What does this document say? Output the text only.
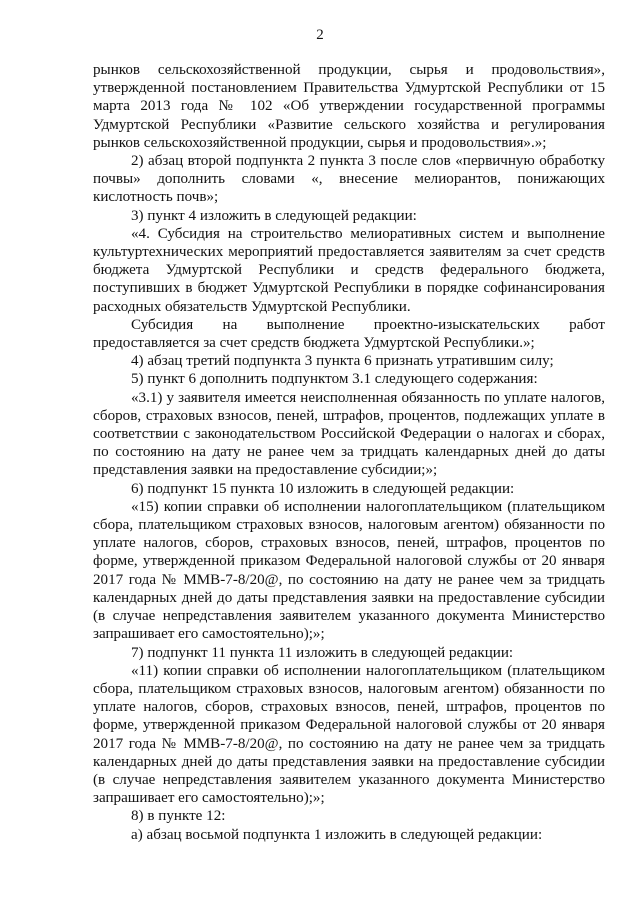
2

рынков сельскохозяйственной продукции, сырья и продовольствия», утвержденной постановлением Правительства Удмуртской Республики от 15 марта 2013 года № 102 «Об утверждении государственной программы Удмуртской Республики «Развитие сельского хозяйства и регулирования рынков сельскохозяйственной продукции, сырья и продовольствия».»;

2) абзац второй подпункта 2 пункта 3 после слов «первичную обработку почвы» дополнить словами «, внесение мелиорантов, понижающих кислотность почв»;

3) пункт 4 изложить в следующей редакции:

«4. Субсидия на строительство мелиоративных систем и выполнение культуртехнических мероприятий предоставляется заявителям за счет средств бюджета Удмуртской Республики и средств федерального бюджета, поступивших в бюджет Удмуртской Республики в порядке софинансирования расходных обязательств Удмуртской Республики.

Субсидия на выполнение проектно-изыскательских работ предоставляется за счет средств бюджета Удмуртской Республики.»;

4) абзац третий подпункта 3 пункта 6 признать утратившим силу;

5) пункт 6 дополнить подпунктом 3.1 следующего содержания:

«3.1) у заявителя имеется неисполненная обязанность по уплате налогов, сборов, страховых взносов, пеней, штрафов, процентов, подлежащих уплате в соответствии с законодательством Российской Федерации о налогах и сборах, по состоянию на дату не ранее чем за тридцать календарных дней до даты представления заявки на предоставление субсидии;»;

6) подпункт 15 пункта 10 изложить в следующей редакции:

«15) копии справки об исполнении налогоплательщиком (плательщиком сбора, плательщиком страховых взносов, налоговым агентом) обязанности по уплате налогов, сборов, страховых взносов, пеней, штрафов, процентов по форме, утвержденной приказом Федеральной налоговой службы от 20 января 2017 года № ММВ-7-8/20@, по состоянию на дату не ранее чем за тридцать календарных дней до даты представления заявки на предоставление субсидии (в случае непредставления заявителем указанного документа Министерство запрашивает его самостоятельно);»;

7) подпункт 11 пункта 11 изложить в следующей редакции:

«11) копии справки об исполнении налогоплательщиком (плательщиком сбора, плательщиком страховых взносов, налоговым агентом) обязанности по уплате налогов, сборов, страховых взносов, пеней, штрафов, процентов по форме, утвержденной приказом Федеральной налоговой службы от 20 января 2017 года № ММВ-7-8/20@, по состоянию на дату не ранее чем за тридцать календарных дней до даты представления заявки на предоставление субсидии (в случае непредставления заявителем указанного документа Министерство запрашивает его самостоятельно);»;

8) в пункте 12:

а) абзац восьмой подпункта 1 изложить в следующей редакции:
